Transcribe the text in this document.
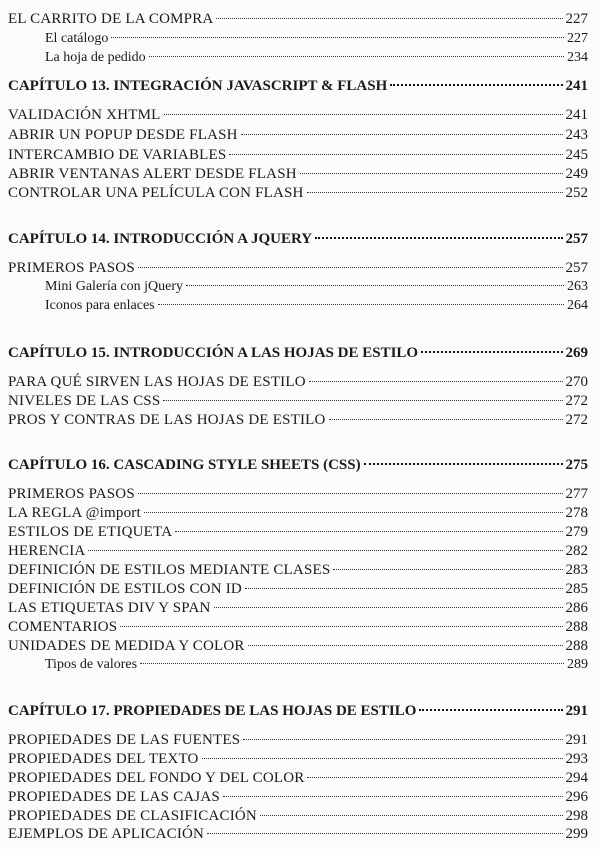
EL CARRITO DE LA COMPRA	227
El catálogo	227
La hoja de pedido	234
CAPÍTULO 13. INTEGRACIÓN JAVASCRIPT & FLASH	241
VALIDACIÓN XHTML	241
ABRIR UN POPUP DESDE FLASH	243
INTERCAMBIO DE VARIABLES	245
ABRIR VENTANAS ALERT DESDE FLASH	249
CONTROLAR UNA PELÍCULA CON FLASH	252
CAPÍTULO 14. INTRODUCCIÓN A JQUERY	257
PRIMEROS PASOS	257
Mini Galería con jQuery	263
Iconos para enlaces	264
CAPÍTULO 15. INTRODUCCIÓN A LAS HOJAS DE ESTILO	269
PARA QUÉ SIRVEN LAS HOJAS DE ESTILO	270
NIVELES DE LAS CSS	272
PROS Y CONTRAS DE LAS HOJAS DE ESTILO	272
CAPÍTULO 16. CASCADING STYLE SHEETS (CSS)	275
PRIMEROS PASOS	277
LA REGLA @import	278
ESTILOS DE ETIQUETA	279
HERENCIA	282
DEFINICIÓN DE ESTILOS MEDIANTE CLASES	283
DEFINICIÓN DE ESTILOS CON ID	285
LAS ETIQUETAS DIV Y SPAN	286
COMENTARIOS	288
UNIDADES DE MEDIDA Y COLOR	288
Tipos de valores	289
CAPÍTULO 17. PROPIEDADES DE LAS HOJAS DE ESTILO	291
PROPIEDADES DE LAS FUENTES	291
PROPIEDADES DEL TEXTO	293
PROPIEDADES DEL FONDO Y DEL COLOR	294
PROPIEDADES DE LAS CAJAS	296
PROPIEDADES DE CLASIFICACIÓN	298
EJEMPLOS DE APLICACIÓN	299
